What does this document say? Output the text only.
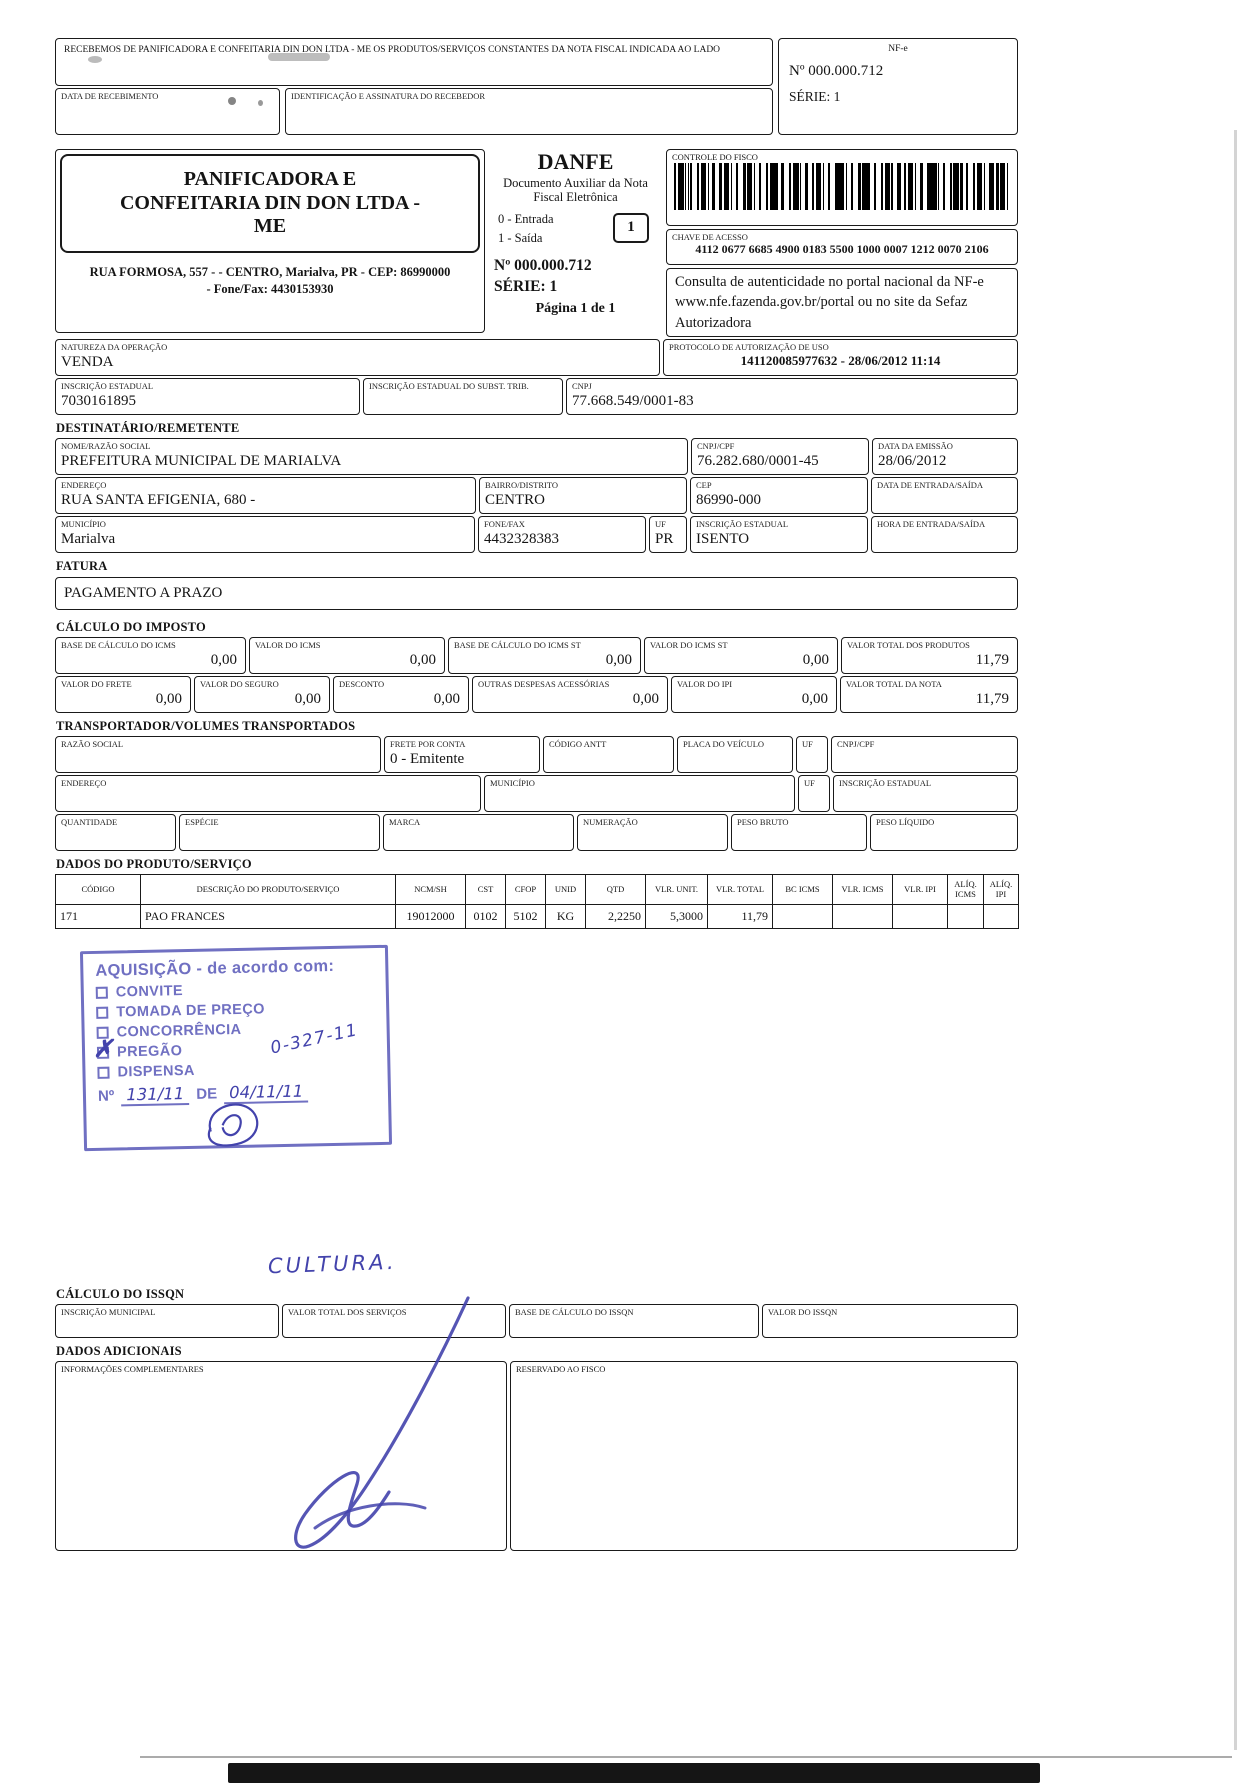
RECEBEMOS DE PANIFICADORA E CONFEITARIA DIN DON LTDA - ME OS PRODUTOS/SERVIÇOS CONSTANTES DA NOTA FISCAL INDICADA AO LADO
DATA DE RECEBIMENTO	IDENTIFICAÇÃO E ASSINATURA DO RECEBEDOR
NF-e
Nº 000.000.712
SÉRIE: 1
PANIFICADORA E CONFEITARIA DIN DON LTDA - ME
RUA FORMOSA, 557 - - CENTRO, Marialva, PR - CEP: 86990000
- Fone/Fax: 4430153930
DANFE
Documento Auxiliar da Nota Fiscal Eletrônica
0 - Entrada
1 - Saída
1
Nº 000.000.712
SÉRIE: 1
Página 1 de 1
CONTROLE DO FISCO
CHAVE DE ACESSO
4112 0677 6685 4900 0183 5500 1000 0007 1212 0070 2106
Consulta de autenticidade no portal nacional da NF-e www.nfe.fazenda.gov.br/portal ou no site da Sefaz Autorizadora
NATUREZA DA OPERAÇÃO
VENDA
PROTOCOLO DE AUTORIZAÇÃO DE USO
141120085977632 - 28/06/2012 11:14
INSCRIÇÃO ESTADUAL
7030161895
INSCRIÇÃO ESTADUAL DO SUBST. TRIB.	CNPJ
77.668.549/0001-83
DESTINATÁRIO/REMETENTE
NOME/RAZÃO SOCIAL
PREFEITURA MUNICIPAL DE MARIALVA
CNPJ/CPF
76.282.680/0001-45
DATA DA EMISSÃO
28/06/2012
ENDEREÇO
RUA SANTA EFIGENIA, 680 -
BAIRRO/DISTRITO
CENTRO
CEP
86990-000
DATA DE ENTRADA/SAÍDA
MUNICÍPIO
Marialva
FONE/FAX
4432328383
UF
PR
INSCRIÇÃO ESTADUAL
ISENTO
HORA DE ENTRADA/SAÍDA
FATURA
PAGAMENTO A PRAZO
CÁLCULO DO IMPOSTO
BASE DE CÁLCULO DO ICMS
0,00
VALOR DO ICMS
0,00
BASE DE CÁLCULO DO ICMS ST
0,00
VALOR DO ICMS ST
0,00
VALOR TOTAL DOS PRODUTOS
11,79
VALOR DO FRETE
0,00
VALOR DO SEGURO
0,00
DESCONTO
0,00
OUTRAS DESPESAS ACESSÓRIAS
0,00
VALOR DO IPI
0,00
VALOR TOTAL DA NOTA
11,79
TRANSPORTADOR/VOLUMES TRANSPORTADOS
RAZÃO SOCIAL	FRETE POR CONTA
0 - Emitente
CÓDIGO ANTT	PLACA DO VEÍCULO	UF	CNPJ/CPF
ENDEREÇO	MUNICÍPIO	UF	INSCRIÇÃO ESTADUAL
QUANTIDADE	ESPÉCIE	MARCA	NUMERAÇÃO	PESO BRUTO	PESO LÍQUIDO
DADOS DO PRODUTO/SERVIÇO
CÓDIGO	DESCRIÇÃO DO PRODUTO/SERVIÇO	NCM/SH	CST	CFOP	UNID	QTD	VLR. UNIT.	VLR. TOTAL	BC ICMS	VLR. ICMS	VLR. IPI	ALÍQ. ICMS	ALÍQ. IPI
171	PAO FRANCES	19012000	0102	5102	KG	2,2250	5,3000	11,79					
CÁLCULO DO ISSQN
INSCRIÇÃO MUNICIPAL	VALOR TOTAL DOS SERVIÇOS	BASE DE CÁLCULO DO ISSQN	VALOR DO ISSQN
DADOS ADICIONAIS
INFORMAÇÕES COMPLEMENTARES	RESERVADO AO FISCO
AQUISIÇÃO - de acordo com:
CONVITE
TOMADA DE PREÇO
CONCORRÊNCIA
✗ PREGÃO
DISPENSA
0-327-11
Nº 131/11 DE 04/11/11
CULTURA.
